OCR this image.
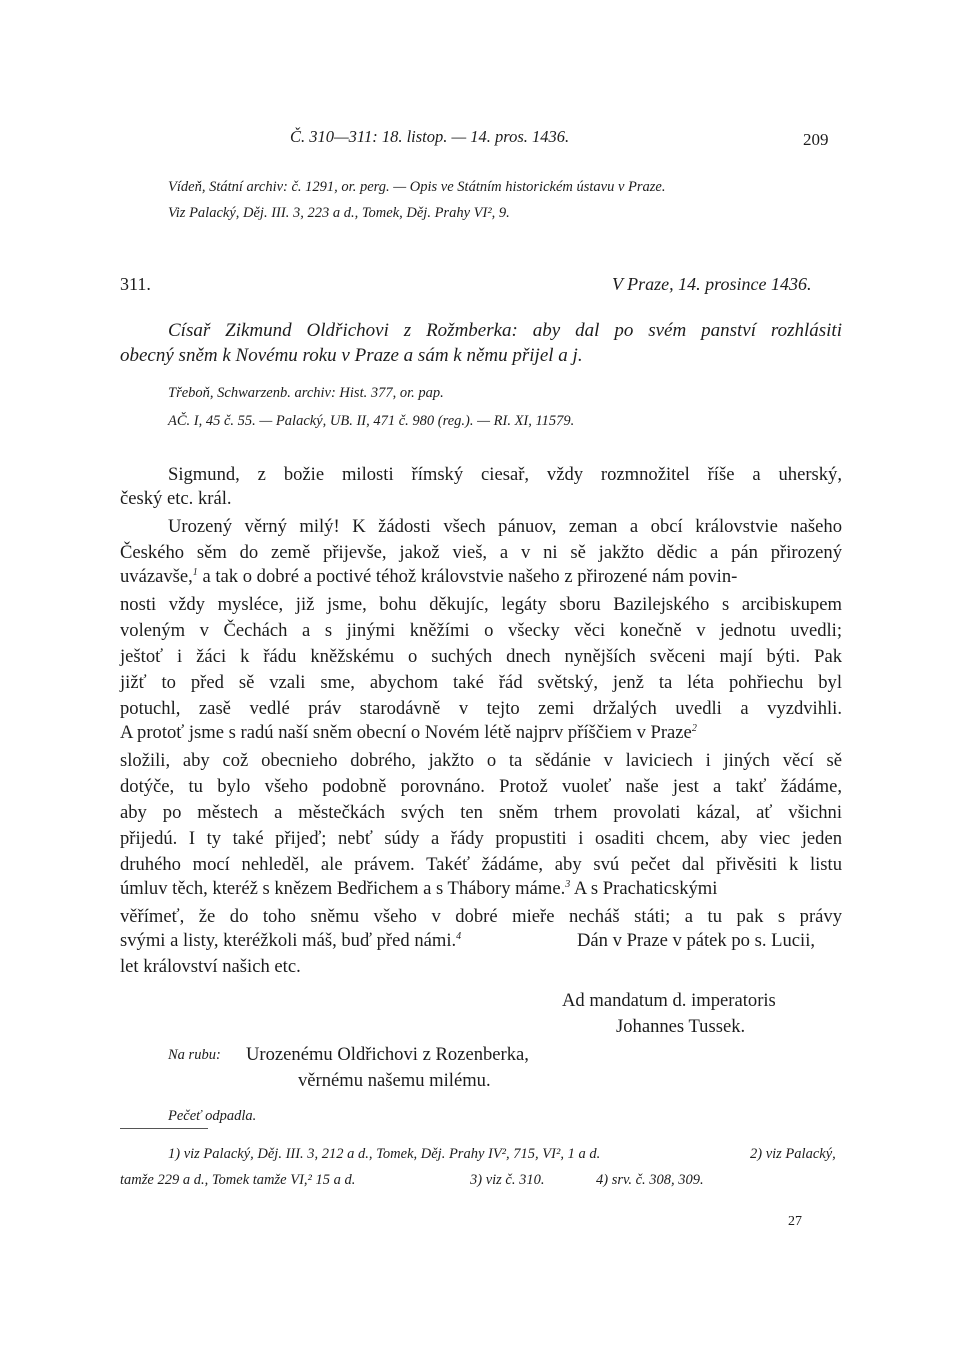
Č. 310—311: 18. listop. — 14. pros. 1436.	209
Vídeň, Státní archiv: č. 1291, or. perg. — Opis ve Státním historickém ústavu v Praze.
Viz Palacký, Děj. III. 3, 223 a d., Tomek, Děj. Prahy VI², 9.
311.	V Praze, 14. prosince 1436.
Císař Zikmund Oldřichovi z Rožmberka: aby dal po svém panství rozhlásiti
obecný sněm k Novému roku v Praze a sám k němu přijel a j.
Třeboň, Schwarzenb. archiv: Hist. 377, or. pap.
AČ. I, 45 č. 55. — Palacký, UB. II, 471 č. 980 (reg.). — RI. XI, 11579.
Sigmund, z božie milosti římský ciesař, vždy rozmnožitel říše a uherský,
český etc. král.
Urozený věrný milý! K žádosti všech pánuov, zeman a obcí královstvie našeho
Českého sěm do země přijevše, jakož vieš, a v ni sě jakžto dědic a pán přirozený
uvázavše,$^1$ a tak o dobré a poctivé téhož královstvie našeho z přirozené nám povin-
nosti vždy mysléce, již jsme, bohu děkujíc, legáty sboru Bazilejského s arcibiskupem
voleným v Čechách a s jinými kněžími o všecky věci konečně v jednotu uvedli;
ještoť i žáci k řádu kněžskému o suchých dnech nynějších svěceni mají býti. Pak
jižť to před sě vzali sme, abychom také řád světský, jenž ta léta pohřiechu byl
potuchl, zasě vedlé práv starodávně v tejto zemi držalých uvedli a vyzdvihli.
A protoť jsme s radú naší sněm obecní o Novém létě najprv příščiem v Praze$^2$
složili, aby což obecnieho dobrého, jakžto o ta sědánie v laviciech i jiných věcí sě
dotýče, tu bylo všeho podobně porovnáno. Protož vuoleť naše jest a takť žádáme,
aby po městech a městečkách svých ten sněm trhem provolati kázal, ať všichni
přijedú. I ty také přijeď; nebť súdy a řády propustiti i osaditi chcem, aby viec jeden
druhého mocí nehleděl, ale právem. Takéť žádáme, aby svú pečet dal přivěsiti k listu
úmluv těch, kteréž s knězem Bedřichem a s Thábory máme.$^3$ A s Prachaticskými
věřímeť, že do toho sněmu všeho v dobré mieře necháš státi; a tu pak s právy
svými a listy, kteréžkoli máš, buď před námi.$^4$	Dán v Praze v pátek po s. Lucii,
let království našich etc.
Ad mandatum d. imperatoris
Johannes Tussek.
Na rubu: Urozenému Oldřichovi z Rozenberka,
věrnému našemu milému.
Pečeť odpadla.
1) viz Palacký, Děj. III. 3, 212 a d., Tomek, Děj. Prahy IV², 715, VI², 1 a d.	2) viz Palacký,
tamže 229 a d., Tomek tamže VI,² 15 a d.	3) viz č. 310.	4) srv. č. 308, 309.
27
